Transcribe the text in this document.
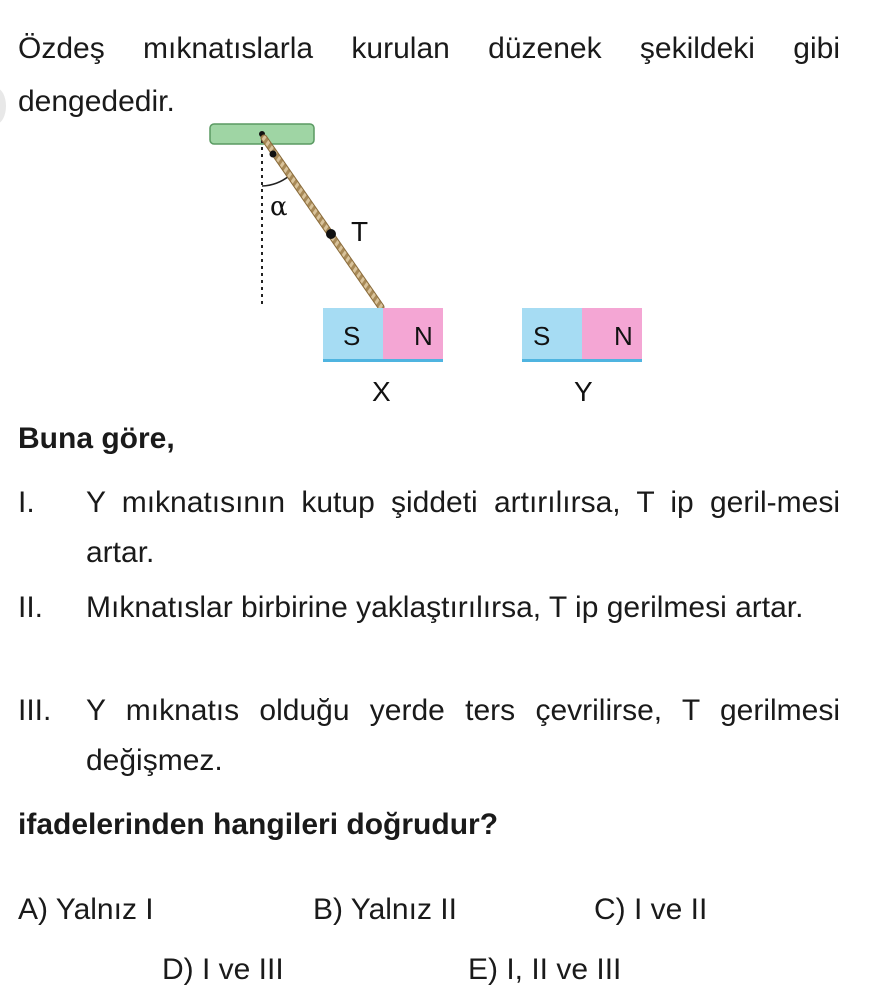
Özdeş mıknatıslarla kurulan düzenek şekildeki gibi dengededir.

α
T
S N
X
S N
Y

Buna göre,

I.	Y mıknatısının kutup şiddeti artırılırsa, T ip geril-mesi artar.
II.	Mıknatıslar birbirine yaklaştırılırsa, T ip gerilmesi artar.
III.	Y mıknatıs olduğu yerde ters çevrilirse, T gerilmesi değişmez.

ifadelerinden hangileri doğrudur?

A) Yalnız I	B) Yalnız II	C) I ve II
D) I ve III	E) I, II ve III
